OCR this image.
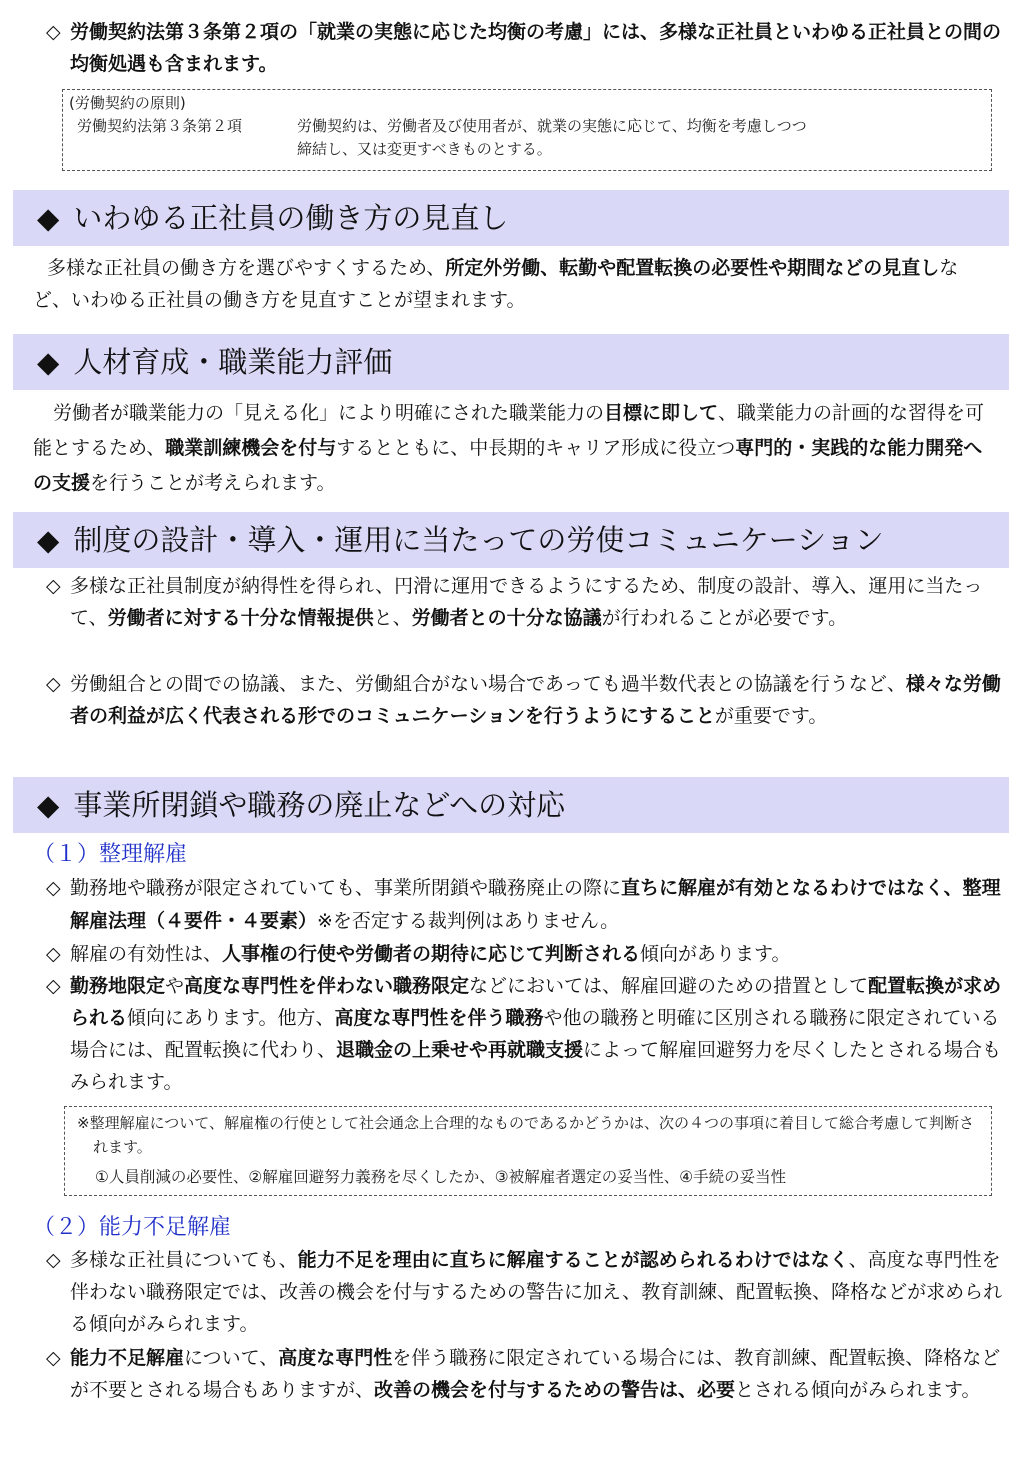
◇ 労働契約法第３条第２項の「就業の実態に応じた均衡の考慮」には、多様な正社員といわゆる正社員との間の均衡処遇も含まれます。
(労働契約の原則)
労働契約法第３条第２項	労働契約は、労働者及び使用者が、就業の実態に応じて、均衡を考慮しつつ
締結し、又は変更すべきものとする。
◆ いわゆる正社員の働き方の見直し
多様な正社員の働き方を選びやすくするため、所定外労働、転勤や配置転換の必要性や期間などの見直しなど、いわゆる正社員の働き方を見直すことが望まれます。
◆ 人材育成・職業能力評価
労働者が職業能力の「見える化」により明確にされた職業能力の目標に即して、職業能力の計画的な習得を可能とするため、職業訓練機会を付与するとともに、中長期的キャリア形成に役立つ専門的・実践的な能力開発への支援を行うことが考えられます。
◆ 制度の設計・導入・運用に当たっての労使コミュニケーション
◇ 多様な正社員制度が納得性を得られ、円滑に運用できるようにするため、制度の設計、導入、運用に当たって、労働者に対する十分な情報提供と、労働者との十分な協議が行われることが必要です。
◇ 労働組合との間での協議、また、労働組合がない場合であっても過半数代表との協議を行うなど、様々な労働者の利益が広く代表される形でのコミュニケーションを行うようにすることが重要です。
◆ 事業所閉鎖や職務の廃止などへの対応
（１）整理解雇
◇ 勤務地や職務が限定されていても、事業所閉鎖や職務廃止の際に直ちに解雇が有効となるわけではなく、整理解雇法理（４要件・４要素）※を否定する裁判例はありません。
◇ 解雇の有効性は、人事権の行使や労働者の期待に応じて判断される傾向があります。
◇ 勤務地限定や高度な専門性を伴わない職務限定などにおいては、解雇回避のための措置として配置転換が求められる傾向にあります。他方、高度な専門性を伴う職務や他の職務と明確に区別される職務に限定されている場合には、配置転換に代わり、退職金の上乗せや再就職支援によって解雇回避努力を尽くしたとされる場合もみられます。
※整理解雇について、解雇権の行使として社会通念上合理的なものであるかどうかは、次の４つの事項に着目して総合考慮して判断されます。
①人員削減の必要性、②解雇回避努力義務を尽くしたか、③被解雇者選定の妥当性、④手続の妥当性
（２）能力不足解雇
◇ 多様な正社員についても、能力不足を理由に直ちに解雇することが認められるわけではなく、高度な専門性を伴わない職務限定では、改善の機会を付与するための警告に加え、教育訓練、配置転換、降格などが求められる傾向がみられます。
◇ 能力不足解雇について、高度な専門性を伴う職務に限定されている場合には、教育訓練、配置転換、降格などが不要とされる場合もありますが、改善の機会を付与するための警告は、必要とされる傾向がみられます。
